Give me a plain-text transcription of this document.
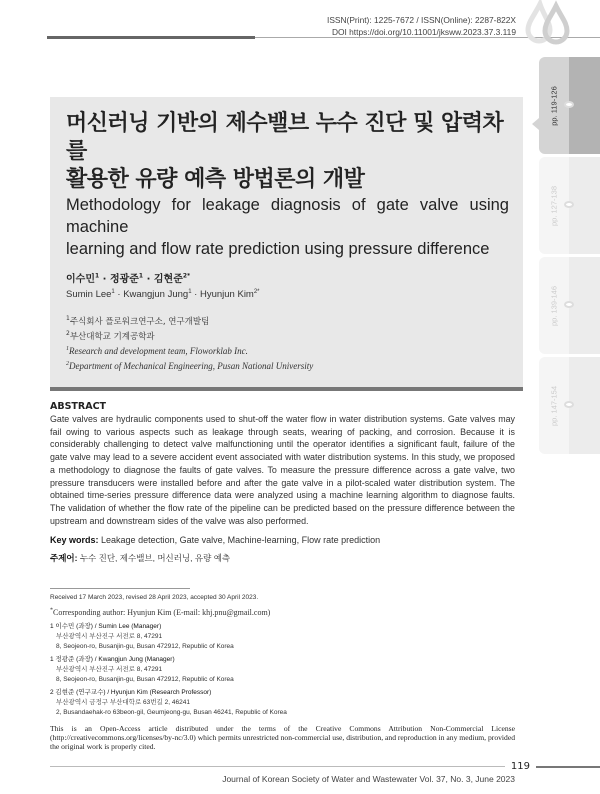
ISSN(Print): 1225-7672 / ISSN(Online): 2287-822X
DOI https://doi.org/10.11001/jksww.2023.37.3.119
머신러닝 기반의 제수밸브 누수 진단 및 압력차를
활용한 유량 예측 방법론의 개발
Methodology for leakage diagnosis of gate valve using machine
learning and flow rate prediction using pressure difference
이수민$^1$ · 정광준$^1$ · 김현준$^{2*}$
Sumin Lee$^1$ · Kwangjun Jung$^1$ · Hyunjun Kim$^{2*}$
$^1$주식회사 플로워크연구소, 연구개발팀
$^2$부산대학교 기계공학과
$^1$Research and development team, Floworklab Inc.
$^2$Department of Mechanical Engineering, Pusan National University
ABSTRACT
Gate valves are hydraulic components used to shut-off the water flow in water distribution systems. Gate valves may fail owing to various aspects such as leakage through seats, wearing of packing, and corrosion. Because it is considerably challenging to detect valve malfunctioning until the operator identifies a significant fault, failure of the gate valve may lead to a severe accident event associated with water distribution systems. In this study, we proposed a methodology to diagnose the faults of gate valves. To measure the pressure difference across a gate valve, two pressure transducers were installed before and after the gate valve in a pilot-scaled water distribution system. The obtained time-series pressure difference data were analyzed using a machine learning algorithm to diagnose faults. The validation of whether the flow rate of the pipeline can be predicted based on the pressure difference between the upstream and downstream sides of the valve was also performed.
Key words: Leakage detection, Gate valve, Machine-learning, Flow rate prediction
주제어: 누수 진단, 제수밸브, 머신러닝, 유량 예측
Received 17 March 2023, revised 28 April 2023, accepted 30 April 2023.
*Corresponding author: Hyunjun Kim (E-mail: khj.pnu@gmail.com)
1 이수민 (과장) / Sumin Lee (Manager)
부산광역시 부산진구 서전로 8, 47291
8, Seojeon-ro, Busanjin-gu, Busan 472912, Republic of Korea
1 정광준 (과장) / Kwangjun Jung (Manager)
부산광역시 부산진구 서전로 8, 47291
8, Seojeon-ro, Busanjin-gu, Busan 472912, Republic of Korea
2 김현준 (연구교수) / Hyunjun Kim (Research Professor)
부산광역시 금정구 부산대학로 63번길 2, 46241
2, Busandaehak-ro 63beon-gil, Geumjeong-gu, Busan 46241, Republic of Korea
This is an Open-Access article distributed under the terms of the Creative Commons Attribution Non-Commercial License (http://creativecommons.org/licenses/by-nc/3.0) which permits unrestricted non-commercial use, distribution, and reproduction in any medium, provided the original work is properly cited.
119
Journal of Korean Society of Water and Wastewater Vol. 37, No. 3, June 2023
pp. 119-126
pp. 127-138
pp. 139-146
pp. 147-154
